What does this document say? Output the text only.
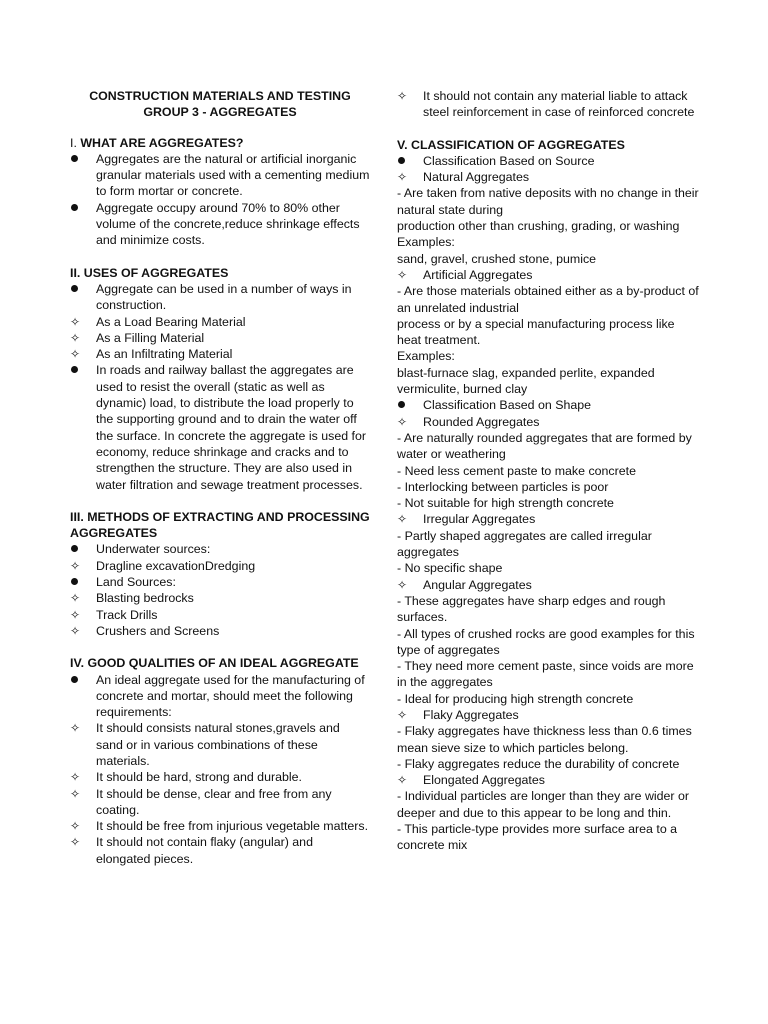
CONSTRUCTION MATERIALS AND TESTING

GROUP 3 - AGGREGATES

I. WHAT ARE AGGREGATES?

Aggregates are the natural or artificial inorganic granular materials used with a cementing medium to form mortar or concrete.
Aggregate occupy around 70% to 80% other volume of the concrete,reduce shrinkage effects and minimize costs.

II. USES OF AGGREGATES

Aggregate can be used in a number of ways in construction.
✧	As a Load Bearing Material
✧	As a Filling Material
✧	As an Infiltrating Material
In roads and railway ballast the aggregates are used to resist the overall (static as well as dynamic) load, to distribute the load properly to the supporting ground and to drain the water off the surface. In concrete the aggregate is used for economy, reduce shrinkage and cracks and to strengthen the structure. They are also used in water filtration and sewage treatment processes.

III. METHODS OF EXTRACTING AND PROCESSING AGGREGATES

Underwater sources:
✧	Dragline excavationDredging
Land Sources:
✧	Blasting bedrocks
✧	Track Drills
✧	Crushers and Screens

IV. GOOD QUALITIES OF AN IDEAL AGGREGATE

An ideal aggregate used for the manufacturing of concrete and mortar, should meet the following requirements:
✧	It should consists natural stones,gravels and sand or in various combinations of these materials.
✧	It should be hard, strong and durable.
✧	It should be dense, clear and free from any coating.
✧	It should be free from injurious vegetable matters.
✧	It should not contain flaky (angular) and elongated pieces.
✧	It should not contain any material liable to attack steel reinforcement in case of reinforced concrete

V. CLASSIFICATION OF AGGREGATES

Classification Based on Source
✧	Natural Aggregates

- Are taken from native deposits with no change in their natural state during

production other than crushing, grading, or washing

Examples:

sand, gravel, crushed stone, pumice

✧	Artificial Aggregates

- Are those materials obtained either as a by-product of an unrelated industrial

process or by a special manufacturing process like heat treatment.

Examples:

blast-furnace slag, expanded perlite, expanded vermiculite, burned clay

Classification Based on Shape
✧	Rounded Aggregates

- Are naturally rounded aggregates that are formed by water or weathering

- Need less cement paste to make concrete

- Interlocking between particles is poor

- Not suitable for high strength concrete

✧	Irregular Aggregates

- Partly shaped aggregates are called irregular aggregates

- No specific shape

✧	Angular Aggregates

- These aggregates have sharp edges and rough surfaces.

- All types of crushed rocks are good examples for this type of aggregates

- They need more cement paste, since voids are more in the aggregates

- Ideal for producing high strength concrete

✧	Flaky Aggregates

- Flaky aggregates have thickness less than 0.6 times mean sieve size to which particles belong.

- Flaky aggregates reduce the durability of concrete

✧	Elongated Aggregates

- Individual particles are longer than they are wider or deeper and due to this appear to be long and thin.

- This particle-type provides more surface area to a concrete mix
